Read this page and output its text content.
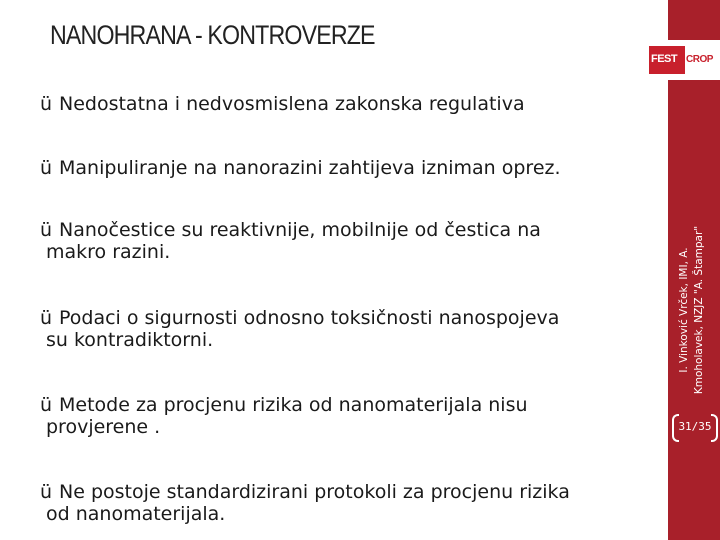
NANOHRANA - KONTROVERZE
ü Nedostatna i nedvosmislena zakonska regulativa
ü Manipuliranje na nanorazini zahtijeva izniman oprez.
ü Nanočestice su reaktivnije, mobilnije od čestica na
makro razini.
ü Podaci o sigurnosti odnosno toksičnosti nanospojeva
su kontradiktorni.
ü Metode za procjenu rizika od nanomaterijala nisu
provjerene .
ü Ne postoje standardizirani protokoli za procjenu rizika
od nanomaterijala.
FEST CROP
I. Vinković Vrček, IMI, A. Kmoholavek, NZJZ "A. Štampar"
31/35
